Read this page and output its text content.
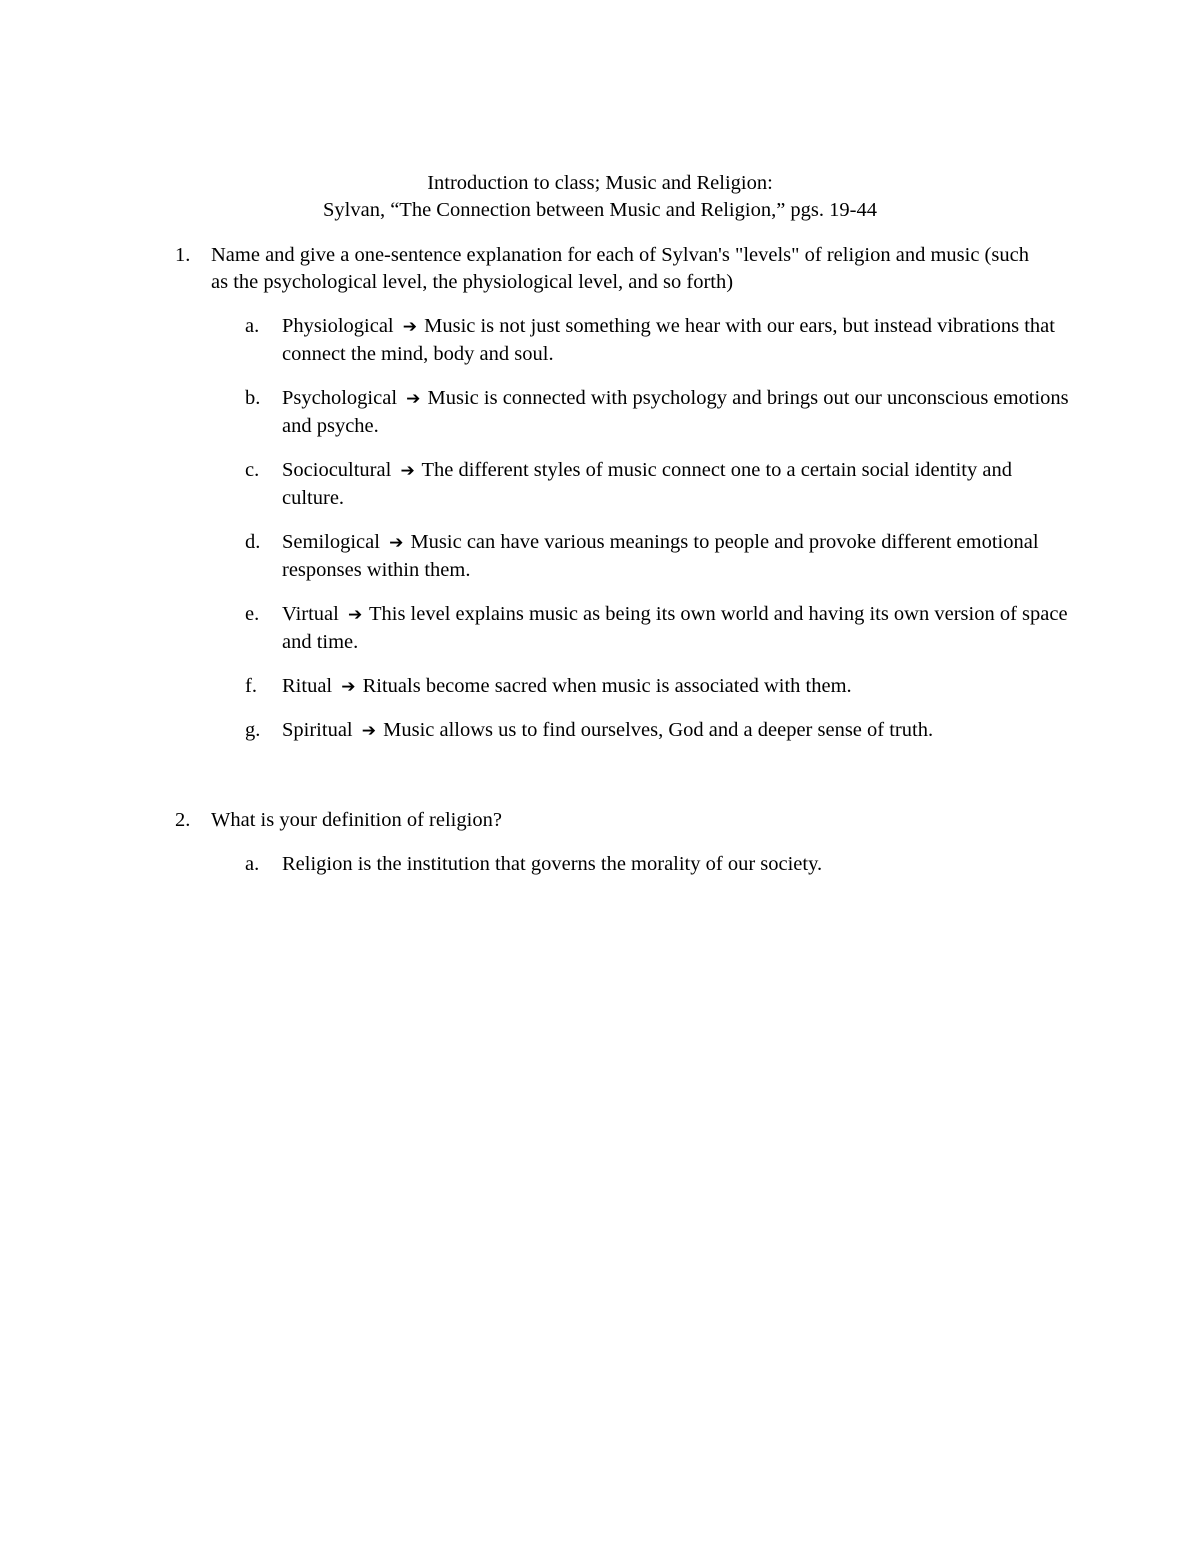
Introduction to class; Music and Religion:
Sylvan, “The Connection between Music and Religion,” pgs. 19-44
1. Name and give a one-sentence explanation for each of Sylvan's "levels" of religion and music (such as the psychological level, the physiological level, and so forth)
a. Physiological ➔ Music is not just something we hear with our ears, but instead vibrations that connect the mind, body and soul.
b. Psychological ➔ Music is connected with psychology and brings out our unconscious emotions and psyche.
c. Sociocultural ➔ The different styles of music connect one to a certain social identity and culture.
d. Semilogical ➔ Music can have various meanings to people and provoke different emotional responses within them.
e. Virtual ➔ This level explains music as being its own world and having its own version of space and time.
f. Ritual ➔ Rituals become sacred when music is associated with them.
g. Spiritual ➔ Music allows us to find ourselves, God and a deeper sense of truth.
2. What is your definition of religion?
a. Religion is the institution that governs the morality of our society.
